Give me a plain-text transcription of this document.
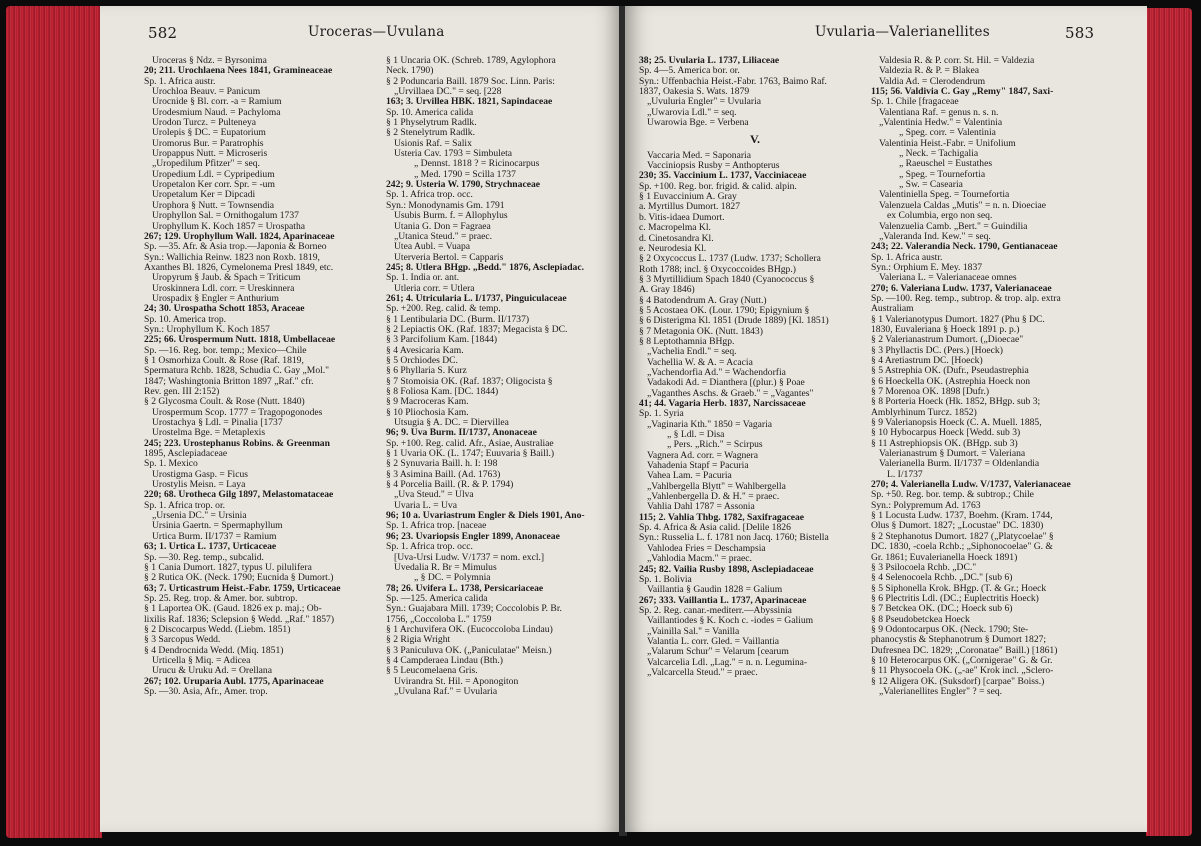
582	Uroceras—Uvulana
Uroceras § Ndz. = Byrsonima
20; 211. Urochlaena Nees 1841, Gramineaceae
Sp. 1. Africa austr.
Urochloa Beauv. = Panicum
Urocnide § Bl. corr. -a = Ramium
Urodesmium Naud. = Pachyloma
Urodon Turcz. = Pulteneya
Urolepis § DC. = Eupatorium
Uromorus Bur. = Paratrophis
Uropappus Nutt. = Microseris
„Uropedilum Pfitzer" = seq.
Uropedium Ldl. = Cypripedium
Uropetalon Ker corr. Spr. = -um
Uropetalum Ker = Dipcadi
Urophora § Nutt. = Townsendia
Urophyllon Sal. = Ornithogalum 1737
Urophyllum K. Koch 1857 = Urospatha
267; 129. Urophyllum Wall. 1824, Aparinaceae
Sp. —35. Afr. & Asia trop.—Japonia & Borneo
Syn.: Wallichia Reinw. 1823 non Roxb. 1819,
Axanthes Bl. 1826, Cymelonema Presl 1849, etc.
Uropyrum § Jaub. & Spach = Triticum
Uroskinnera Ldl. corr. = Ureskinnera
Urospadix § Engler = Anthurium
24; 30. Urospatha Schott 1853, Araceae
Sp. 10. America trop.
Syn.: Urophyllum K. Koch 1857
225; 66. Urospermum Nutt. 1818, Umbellaceae
Sp. —16. Reg. bor. temp.; Mexico—Chile
§ 1 Osmorhiza Coult. & Rose (Raf. 1819,
Spermatura Rchb. 1828, Schudia C. Gay „Mol."
1847; Washingtonia Britton 1897 „Raf." cfr.
Rev. gen. III 2:152)
§ 2 Glycosma Coult. & Rose (Nutt. 1840)
Urospermum Scop. 1777 = Tragopogonodes
Urostachya § Ldl. = Pinalia [1737
Urostelma Bge. = Metaplexis
245; 223. Urostephanus Robins. & Greenman
1895, Asclepiadaceae
Sp. 1. Mexico
Urostigma Gasp. = Ficus
Urostylis Meisn. = Laya
220; 68. Urotheca Gilg 1897, Melastomataceae
Sp. 1. Africa trop. or.
„Ursenia DC." = Ursinia
Ursinia Gaertn. = Spermaphyllum
Urtica Burm. II/1737 = Ramium
63; 1. Urtica L. 1737, Urticaceae
Sp. —30. Reg. temp., subcalid.
§ 1 Cania Dumort. 1827, typus U. pilulifera
§ 2 Rutica OK. (Neck. 1790; Eucnida § Dumort.)
63; 7. Urticastrum Heist.-Fabr. 1759, Urticaceae
Sp. 25. Reg. trop. & Amer. bor. subtrop.
§ 1 Laportea OK. (Gaud. 1826 ex p. maj.; Ob-
lixilis Raf. 1836; Sclepsion § Wedd. „Raf." 1857)
§ 2 Discocarpus Wedd. (Liebm. 1851)
§ 3 Sarcopus Wedd.
§ 4 Dendrocnida Wedd. (Miq. 1851)
Urticella § Miq. = Adicea
Urucu & Uruku Ad. = Orellana
267; 102. Uruparia Aubl. 1775, Aparinaceae
Sp. —30. Asia, Afr., Amer. trop.
§ 1 Uncaria OK. (Schreb. 1789, Agylophora
Neck. 1790)
§ 2 Poduncaria Baill. 1879 Soc. Linn. Paris:
„Urvillaea DC." = seq. [228
163; 3. Urvillea HBK. 1821, Sapindaceae
Sp. 10. America calida
§ 1 Physelytrum Radlk.
§ 2 Stenelytrum Radlk.
Usionis Raf. = Salix
Usteria Cav. 1793 = Simbuleta
„ Dennst. 1818 ? = Ricinocarpus
„ Med. 1790 = Scilla 1737
242; 9. Usteria W. 1790, Strychnaceae
Sp. 1. Africa trop. occ.
Syn.: Monodynamis Gm. 1791
Usubis Burm. f. = Allophylus
Utania G. Don = Fagraea
„Utanica Steud." = praec.
Utea Aubl. = Vuapa
Uterveria Bertol. = Capparis
245; 8. Utlera BHgp. „Bedd." 1876, Asclepiadac.
Sp. 1. India or. ant.
Utleria corr. = Utlera
261; 4. Utricularia L. I/1737, Pinguiculaceae
Sp. +200. Reg. calid. & temp.
§ 1 Lentibularia DC. (Burm. II/1737)
§ 2 Lepiactis OK. (Raf. 1837; Megacista § DC.
§ 3 Parcifolium Kam. [1844)
§ 4 Avesicaria Kam.
§ 5 Orchiodes DC.
§ 6 Phyllaria S. Kurz
§ 7 Stomoisia OK. (Raf. 1837; Oligocista §
§ 8 Foliosa Kam. [DC. 1844)
§ 9 Macroceras Kam.
§ 10 Pliochosia Kam.
Utsugia § A. DC. = Diervillea
96; 9. Uva Burm. II/1737, Anonaceae
Sp. +100. Reg. calid. Afr., Asiae, Australiae
§ 1 Uvaria OK. (L. 1747; Euuvaria § Baill.)
§ 2 Synuvaria Baill. h. I: 198
§ 3 Asimina Baill. (Ad. 1763)
§ 4 Porcelia Baill. (R. & P. 1794)
„Uva Steud." = Ulva
Uvaria L. = Uva
96; 10 a. Uvariastrum Engler & Diels 1901, Ano-
Sp. 1. Africa trop. [naceae
96; 23. Uvariopsis Engler 1899, Anonaceae
Sp. 1. Africa trop. occ.
[Uva-Ursi Ludw. V/1737 = nom. excl.]
Uvedalia R. Br = Mimulus
„ § DC. = Polymnia
78; 26. Uvifera L. 1738, Persicariaceae
Sp. —125. America calida
Syn.: Guajabara Mill. 1739; Coccolobis P. Br.
1756, „Coccoloba L." 1759
§ 1 Archuvifera OK. (Eucoccoloba Lindau)
§ 2 Rigia Wright
§ 3 Paniculuva OK. („Paniculatae" Meisn.)
§ 4 Campderaea Lindau (Bth.)
§ 5 Leucomelaena Gris.
Uvirandra St. Hil. = Aponogiton
„Uvulana Raf." = Uvularia
Uvularia—Valerianellites	583
38; 25. Uvularia L. 1737, Liliaceae
Sp. 4—5. America bor. or.
Syn.: Uffenbachia Heist.-Fabr. 1763, Baimo Raf.
1837, Oakesia S. Wats. 1879
„Uvuluria Engler" = Uvularia
„Uwarovia Ldl." = seq.
Uwarowia Bge. = Verbena
V.
Vaccaria Med. = Saponaria
Vacciniopsis Rusby = Anthopterus
230; 35. Vaccinium L. 1737, Vacciniaceae
Sp. +100. Reg. bor. frigid. & calid. alpin.
§ 1 Euvaccinium A. Gray
a. Myrtillus Dumort. 1827
b. Vitis-idaea Dumort.
c. Macropelma Kl.
d. Cinetosandra Kl.
e. Neurodesia Kl.
§ 2 Oxycoccus L. 1737 (Ludw. 1737; Schollera
Roth 1788; incl. § Oxycoccoides BHgp.)
§ 3 Myrtillidium Spach 1840 (Cyanococcus §
A. Gray 1846)
§ 4 Batodendrum A. Gray (Nutt.)
§ 5 Acostaea OK. (Lour. 1790; Epigynium §
§ 6 Disterigma Kl. 1851 (Drude 1889) [Kl. 1851)
§ 7 Metagonia OK. (Nutt. 1843)
§ 8 Leptothamnia BHgp.
„Vachelia Endl." = seq.
Vachellia W. & A. = Acacia
„Vachendorfia Ad." = Wachendorfia
Vadakodi Ad. = Dianthera [(plur.) § Poae
„Vaganthes Aschs. & Graeb." = „Vagantes"
41; 44. Vagaria Herb. 1837, Narcissaceae
Sp. 1. Syria
„Vaginaria Kth." 1850 = Vagaria
„ § Ldl. = Disa
„ Pers. „Rich." = Scirpus
Vagnera Ad. corr. = Wagnera
Vahadenia Stapf = Pacuria
Vahea Lam. = Pacuria
„Vahlbergella Blytt" = Wahlbergella
„Vahlenbergella D. & H." = praec.
Vahlia Dahl 1787 = Assonia
115; 2. Vahlia Thbg. 1782, Saxifragaceae
Sp. 4. Africa & Asia calid. [Delile 1826
Syn.: Russelia L. f. 1781 non Jacq. 1760; Bistella
Vahlodea Fries = Deschampsia
„Vahlodia Macm." = praec.
245; 82. Vailia Rusby 1898, Asclepiadaceae
Sp. 1. Bolivia
Vaillantia § Gaudin 1828 = Galium
267; 333. Vaillantia L. 1737, Aparinaceae
Sp. 2. Reg. canar.-mediterr.—Abyssinia
Vaillantiodes § K. Koch c. -iodes = Galium
„Vainilla Sal." = Vanilla
Valantia L. corr. Gled. = Vaillantia
„Valarum Schur" = Velarum [cearum
Valcarcelia Ldl. „Lag." = n. n. Legumina-
„Valcarcella Steud." = praec.
Valdesia R. & P. corr. St. Hil. = Valdezia
Valdezia R. & P. = Blakea
Valdia Ad. = Clerodendrum
115; 56. Valdivia C. Gay „Remy" 1847, Saxi-
Sp. 1. Chile [fragaceae
Valentiana Raf. = genus n. s. n.
„Valentinia Hedw." = Valentinia
„ Speg. corr. = Valentinia
Valentinia Heist.-Fabr. = Unifolium
„ Neck. = Tachigalia
„ Raeuschel = Eustathes
„ Speg. = Tournefortia
„ Sw. = Casearia
Valentiniella Speg. = Tournefortia
Valenzuela Caldas „Mutis" = n. n. Dioeciae
ex Columbia, ergo non seq.
Valenzuelia Camb. „Bert." = Guindilia
„Valeranda Ind. Kew." = seq.
243; 22. Valerandia Neck. 1790, Gentianaceae
Sp. 1. Africa austr.
Syn.: Orphium E. Mey. 1837
Valeriana L. = Valerianaceae omnes
270; 6. Valeriana Ludw. 1737, Valerianaceae
Sp. —100. Reg. temp., subtrop. & trop. alp. extra
Australiam
§ 1 Valerianotypus Dumort. 1827 (Phu § DC.
1830, Euvaleriana § Hoeck 1891 p. p.)
§ 2 Valerianastrum Dumort. („Dioecae"
§ 3 Phyllactis DC. (Pers.) [Hoeck)
§ 4 Aretiastrum DC. [Hoeck)
§ 5 Astrephia OK. (Dufr., Pseudastrephia
§ 6 Hoeckella OK. (Astrephia Hoeck non
§ 7 Morenoa OK. 1898 [Dufr.)
§ 8 Porteria Hoeck (Hk. 1852, BHgp. sub 3;
Amblyrhinum Turcz. 1852)
§ 9 Valerianopsis Hoeck (C. A. Muell. 1885,
§ 10 Hybocarpus Hoeck [Wedd. sub 3)
§ 11 Astrephiopsis OK. (BHgp. sub 3)
Valerianastrum § Dumort. = Valeriana
Valerianella Burm. II/1737 = Oldenlandia
L. I/1737
270; 4. Valerianella Ludw. V/1737, Valerianaceae
Sp. +50. Reg. bor. temp. & subtrop.; Chile
Syn.: Polypremum Ad. 1763
§ 1 Locusta Ludw. 1737, Boehm. (Kram. 1744,
Olus § Dumort. 1827; „Locustae" DC. 1830)
§ 2 Stephanotus Dumort. 1827 („Platycoelae" §
DC. 1830, -coela Rchb.; „Siphonocoelae" G. &
Gr. 1861; Euvalerianella Hoeck 1891)
§ 3 Psilocoela Rchb. „DC."
§ 4 Selenocoela Rchb. „DC." [sub 6)
§ 5 Siphonella Krok. BHgp. (T. & Gr.; Hoeck
§ 6 Plectritis Ldl. (DC.; Euplectritis Hoeck)
§ 7 Betckea OK. (DC.; Hoeck sub 6)
§ 8 Pseudobetckea Hoeck
§ 9 Odontocarpus OK. (Neck. 1790; Ste-
phanocystis & Stephanotrum § Dumort 1827;
Dufresnea DC. 1829; „Coronatae" Baill.) [1861)
§ 10 Heterocarpus OK. („Cornigerae" G. & Gr.
§ 11 Physocoela OK. („-ae" Krok incl. „Sclero-
§ 12 Aligera OK. (Suksdorf) [carpae" Boiss.)
„Valerianellites Engler" ? = seq.
